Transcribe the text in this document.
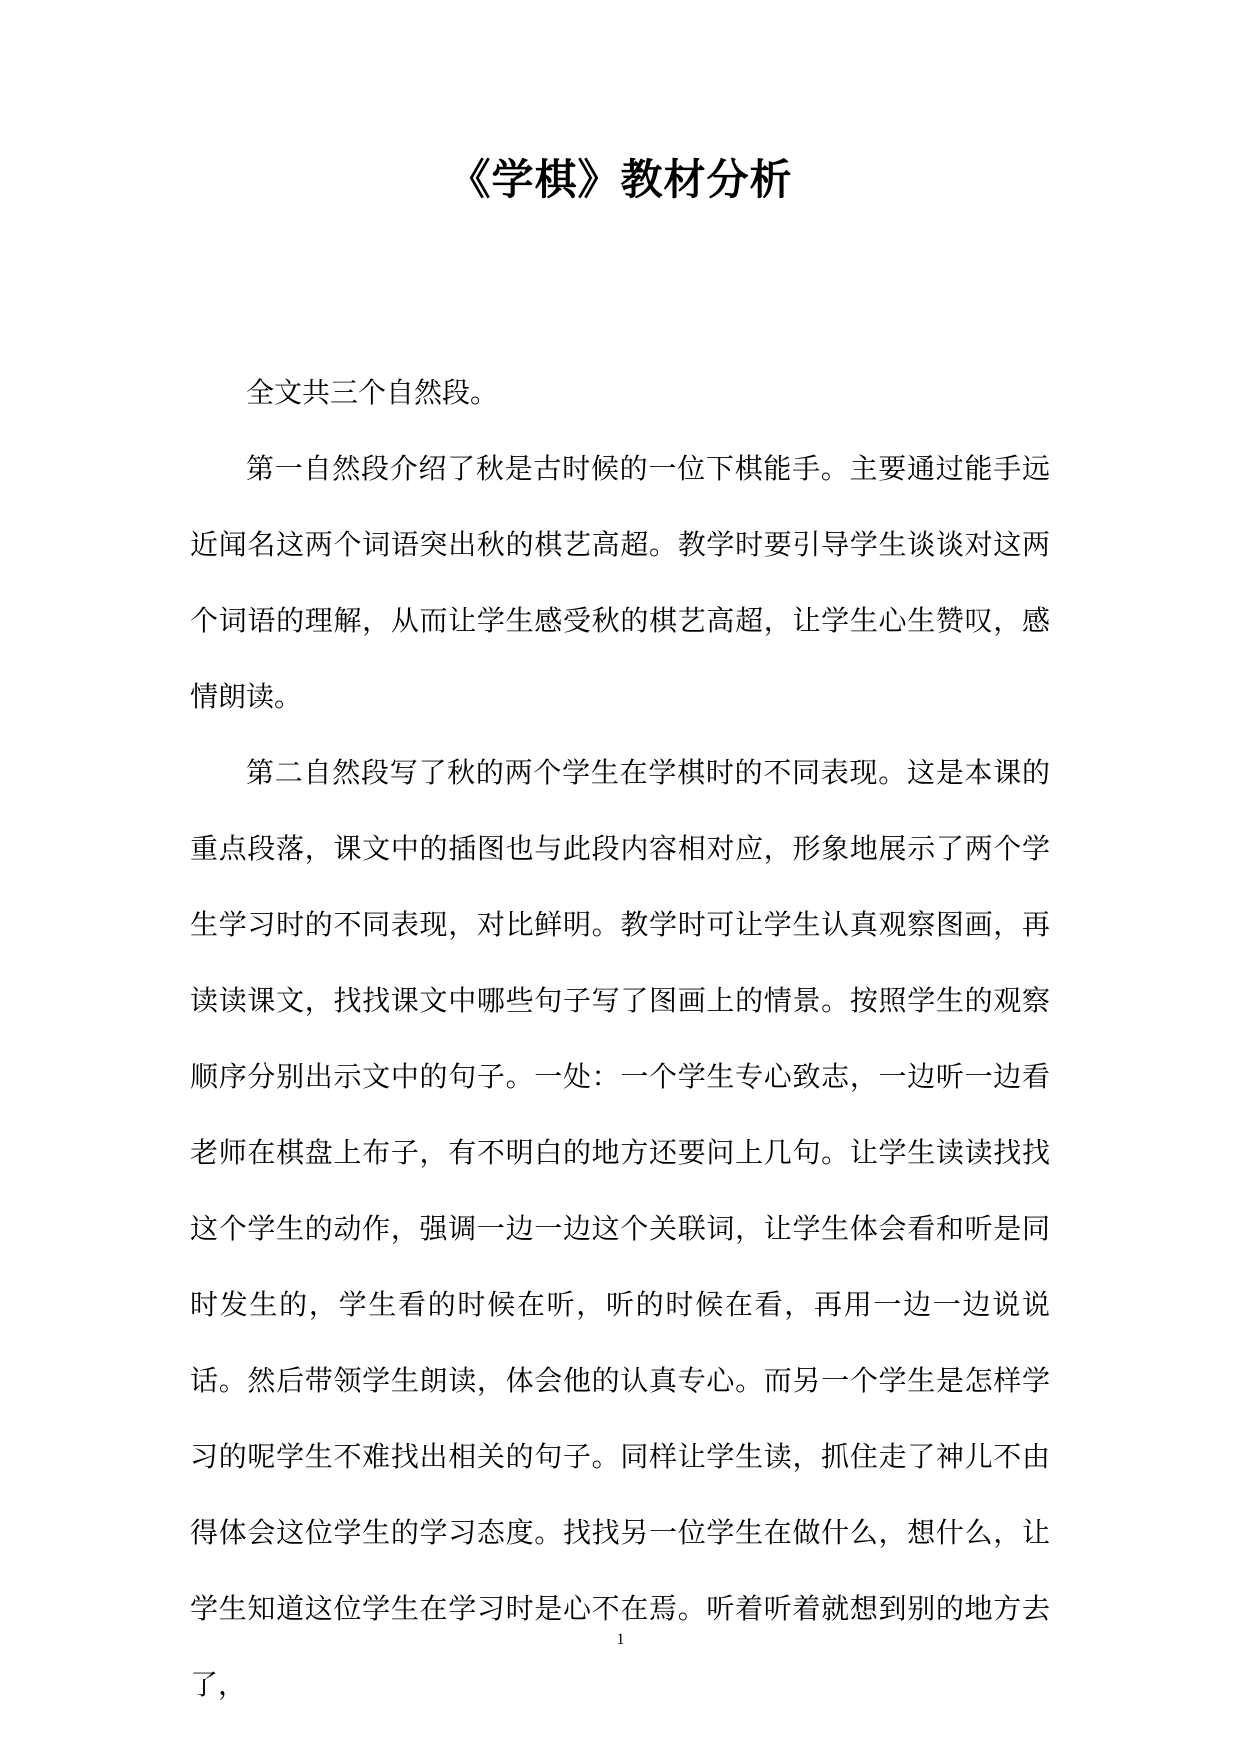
《学棋》教材分析

全文共三个自然段。

第一自然段介绍了秋是古时候的一位下棋能手。主要通过能手远近闻名这两个词语突出秋的棋艺高超。教学时要引导学生谈谈对这两个词语的理解，从而让学生感受秋的棋艺高超，让学生心生赞叹，感情朗读。

第二自然段写了秋的两个学生在学棋时的不同表现。这是本课的重点段落，课文中的插图也与此段内容相对应，形象地展示了两个学生学习时的不同表现，对比鲜明。教学时可让学生认真观察图画，再读读课文，找找课文中哪些句子写了图画上的情景。按照学生的观察顺序分别出示文中的句子。一处：一个学生专心致志，一边听一边看老师在棋盘上布子，有不明白的地方还要问上几句。让学生读读找找这个学生的动作，强调一边一边这个关联词，让学生体会看和听是同时发生的，学生看的时候在听，听的时候在看，再用一边一边说说话。然后带领学生朗读，体会他的认真专心。而另一个学生是怎样学习的呢学生不难找出相关的句子。同样让学生读，抓住走了神儿不由得体会这位学生的学习态度。找找另一位学生在做什么，想什么，让学生知道这位学生在学习时是心不在焉。听着听着就想到别的地方去了，

1
